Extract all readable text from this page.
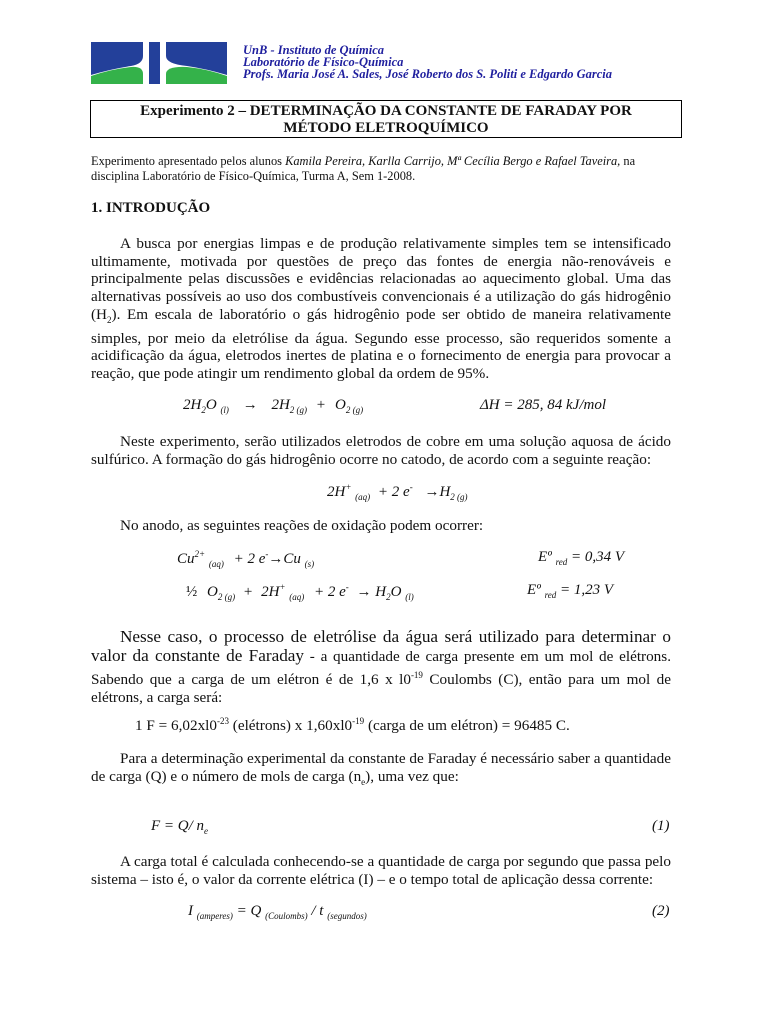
UnB - Instituto de Química
Laboratório de Físico-Química
Profs. Maria José A. Sales, José Roberto dos S. Politi e Edgardo Garcia
Experimento 2 – DETERMINAÇÃO DA CONSTANTE DE FARADAY POR
MÉTODO ELETROQUÍMICO
Experimento apresentado pelos alunos Kamila Pereira, Karlla Carrijo, Mª Cecília Bergo e Rafael Taveira, na
disciplina Laboratório de Físico-Química, Turma A, Sem 1-2008.
1. INTRODUÇÃO
A busca por energias limpas e de produção relativamente simples tem se intensificado ultimamente, motivada por questões de preço das fontes de energia não-renováveis e principalmente pelas discussões e evidências relacionadas ao aquecimento global. Uma das alternativas possíveis ao uso dos combustíveis convencionais é a utilização do gás hidrogênio $(H_2)$. Em escala de laboratório o gás hidrogênio pode ser obtido de maneira relativamente simples, por meio da eletrólise da água. Segundo esse processo, são requeridos somente a acidificação da água, eletrodos inertes de platina e o fornecimento de energia para provocar a reação, que pode atingir um rendimento global da ordem de 95%.
$2H_2O$ $_{(l)} \to 2H_{2 (g)} + O_{2 (g)}$	ΔH = 285, 84 kJ/mol
Neste experimento, serão utilizados eletrodos de cobre em uma solução aquosa de ácido sulfúrico. A formação do gás hidrogênio ocorre no catodo, de acordo com a seguinte reação:
2H+ $_{(aq)}$ + 2 $e^- \to H_{2 (g)}$
No anodo, as seguintes reações de oxidação podem ocorrer:
$Cu^{2+}$ $_{(aq)}$ + 2 e-→Cu $_{(s)}$	Eº $_{red}$ = 0,34 V
½ $O_{2 (g)} + 2H^+$ $_{(aq)}$ + 2 $e^- \to H_2O$ $_{(l)}$	Eº $_{red}$ = 1,23 V
Nesse caso, o processo de eletrólise da água será utilizado para determinar o valor da constante de Faraday - a quantidade de carga presente em um mol de elétrons. Sabendo que a carga de um elétron é de 1,6 x $l0^{-19}$ Coulombs (C), então para um mol de elétrons, a carga será:
1 $F = 6,02xl0^{-23}$ (elétrons) x $1,60xl0^{-19}$ (carga de um elétron) = 96485 C.
Para a determinação experimental da constante de Faraday é necessário saber a quantidade de carga (Q) e o número de mols de carga $(n_e)$, uma vez que:
F = Q/ $n_e$	(1)
A carga total é calculada conhecendo-se a quantidade de carga por segundo que passa pelo sistema – isto é, o valor da corrente elétrica (I) – e o tempo total de aplicação dessa corrente:
I $_{(amperes)}$ = Q $_{(Coulombs)}$ / t $_{(segundos)}$	(2)
